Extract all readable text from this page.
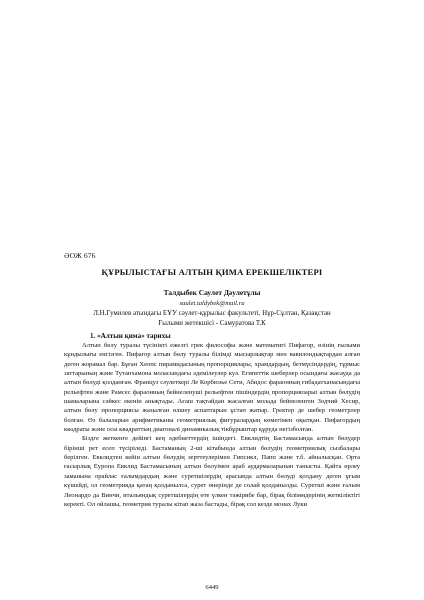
ӘОЖ 676
ҚҰРЫЛЫСТАҒЫ АЛТЫН ҚИМА ЕРЕКШЕЛІКТЕРІ
Талдыбек Саулет Дәулетұлы
saulet.taldybek@mail.ru
Л.Н.Гумилев атындағы ЕҰУ сәулет-құрылыс факультеті, Нұр-Сұлтан, Қазақстан
Ғылыми жетекшісі - Самуратова Т.К
1. «Алтын қима» тарихы

Алтын бөлу туралы түсінікті ежелгі грек философы және математигі Пифагор, өзінің ғылыми кұндылығы енгізген. Пифагор алтын бөлу туралы білімді мысырлықтар мен вавилондықтардан алған деген жорамал бар. Бұған Хеопс пирамидасының пропорциялары, храмдардың, бетмүсіндердің, тұрмыс заттарының және Тутанхамона моласындағы әдемілеулер куә. Египеттік шеберлер осындағы жасауда да алтын бөлуді қолданған. Француз сәулеткері Ле Корбюзье Сети, Абидос фараонның ғибадатханасындағы рельефтен және Рамсес фараонның бейнеленуші рельефтен пішіндердің пропорцияларыі алтын бөлудің шамаларына сәйкес екенін анықтады. Ағаш тақтайдан жасалған молада бейнеленген Зодчий Хесир, алтын бөлу пропорциясы жазылған өлшеу аспаптарын ұстап жатыр. Гректер де шебер геометрлер болған. Өз балаларын арифметиканы геометриялық фигуралардың көмегімен оқытқан. Пифагордың квадраты және осы квадраттың диагоналі динамикалық тікбұрыштар құруда негізболған.

Біздге жеткенге дейінгі кең әдебиеттердің ішіндегі. Евклидтің Бастамасында алтын бөлудер бірінші рет есеп түсіріледі. Бастаманың 2-ші кітабында алтын бөлудің геометриялық сызбалары берілген. Евклидтен кейін алтын бөлудің зерттеулерімен Гипсикл, Папп және т.б. айналысқан. Орта ғасырлық Еуропа Евклид Бастамасының алтын бөлуімен араб аудармаларынан танысты. Қайта өрлеу заманына орайлас ғалымдардың және суретшілердің арасында алтын бөлуді қолдану деген ұғым күшейді, ол геометрияда қатаң қолданылса, сурет өнерінде де солай қолданылды. Суретші және ғалым Леонардо да Винчи, итальяндық суретшілердің өте үлкен тәжірибе бар, бірақ біліммдерінің жеткіліктігі керекті. Ол ойлашы, геометрия туралы кітап жаза бастады, бірақ сол кезде монах Луки

6449
